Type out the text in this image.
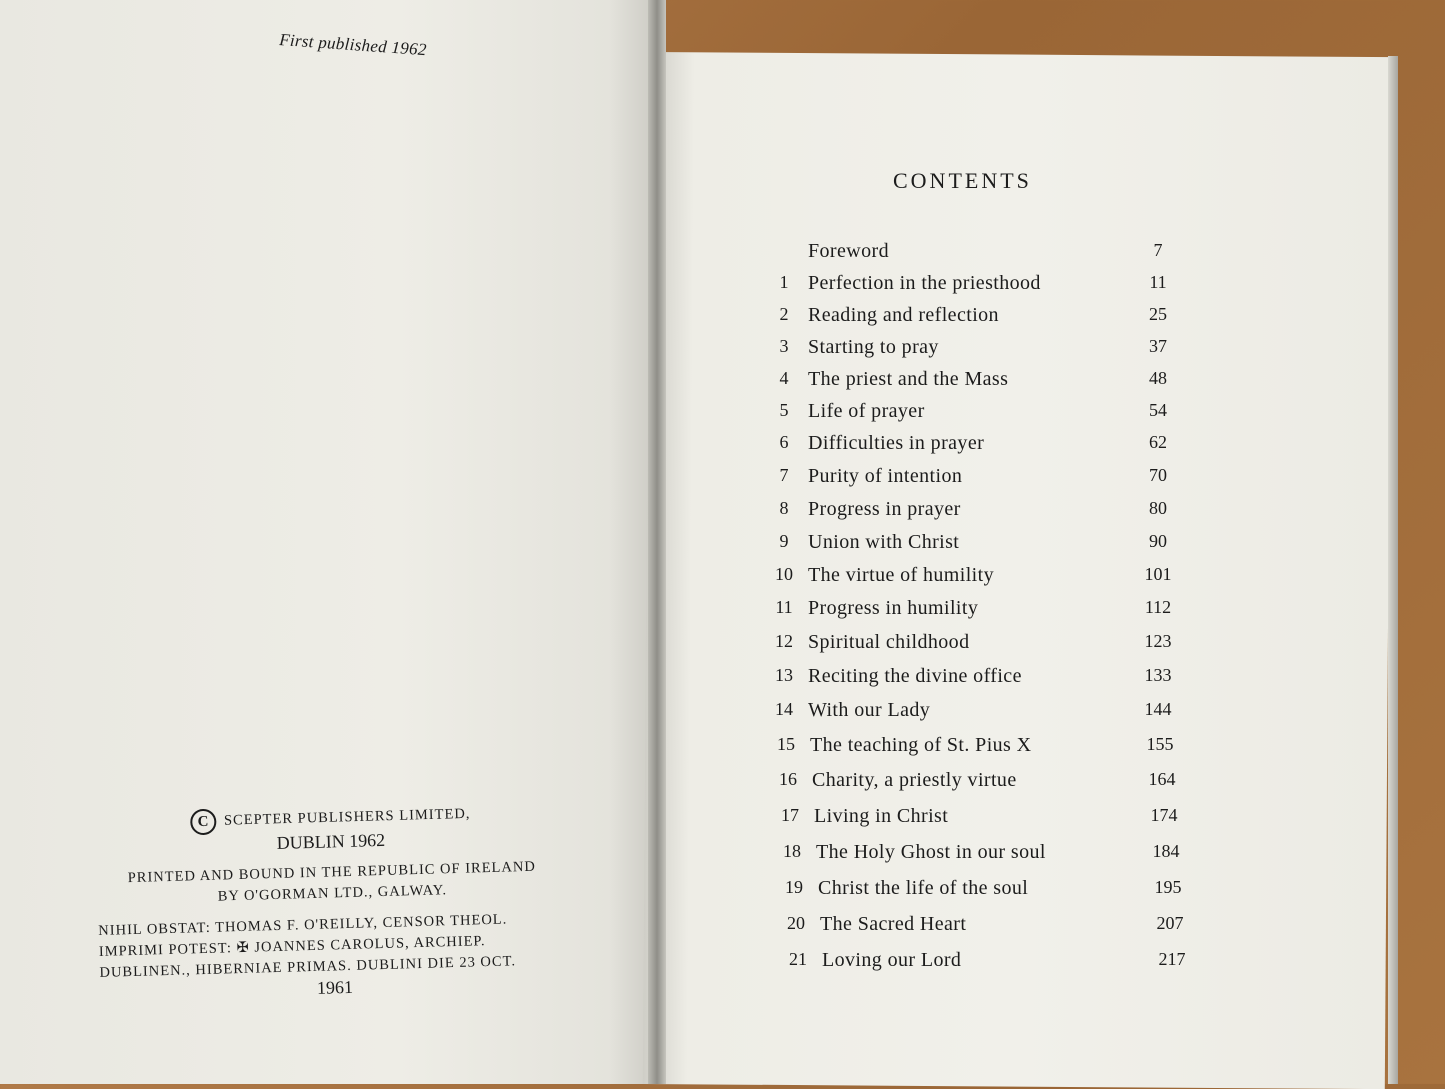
First published 1962
C SCEPTER PUBLISHERS LIMITED,
DUBLIN 1962
PRINTED AND BOUND IN THE REPUBLIC OF IRELAND
BY O'GORMAN LTD., GALWAY.
NIHIL OBSTAT: THOMAS F. O'REILLY, CENSOR THEOL.
IMPRIMI POTEST: ✠ JOANNES CAROLUS, ARCHIEP.
DUBLINEN., HIBERNIAE PRIMAS. DUBLINI DIE 23 OCT.
1961
CONTENTS
Foreword	7
1 Perfection in the priesthood	11
2 Reading and reflection	25
3 Starting to pray	37
4 The priest and the Mass	48
5 Life of prayer	54
6 Difficulties in prayer	62
7 Purity of intention	70
8 Progress in prayer	80
9 Union with Christ	90
10 The virtue of humility	101
11 Progress in humility	112
12 Spiritual childhood	123
13 Reciting the divine office	133
14 With our Lady	144
15 The teaching of St. Pius X	155
16 Charity, a priestly virtue	164
17 Living in Christ	174
18 The Holy Ghost in our soul	184
19 Christ the life of the soul	195
20 The Sacred Heart	207
21 Loving our Lord	217
